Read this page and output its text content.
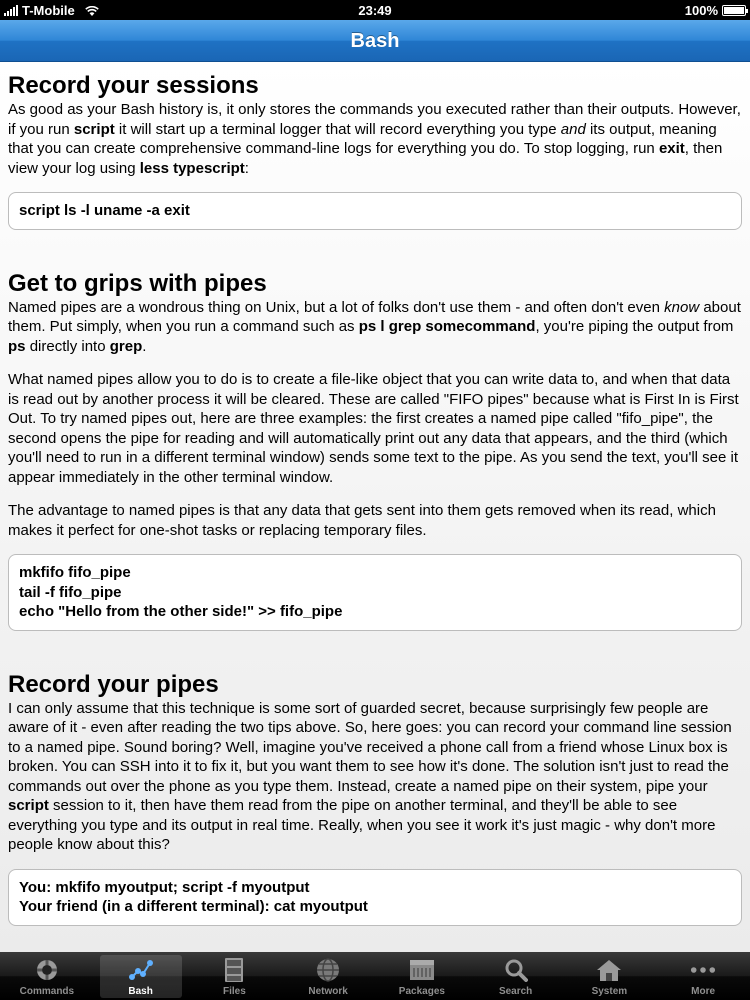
T-Mobile	23:49	100%
Bash
Record your sessions

As good as your Bash history is, it only stores the commands you executed rather than their outputs. However, if you run script it will start up a terminal logger that will record everything you type and its output, meaning that you can create comprehensive command-line logs for everything you do. To stop logging, run exit, then view your log using less typescript:

script ls -l uname -a exit
Get to grips with pipes

Named pipes are a wondrous thing on Unix, but a lot of folks don't use them - and often don't even know about them. Put simply, when you run a command such as ps l grep somecommand, you're piping the output from ps directly into grep.

What named pipes allow you to do is to create a file-like object that you can write data to, and when that data is read out by another process it will be cleared. These are called "FIFO pipes" because what is First In is First Out. To try named pipes out, here are three examples: the first creates a named pipe called "fifo_pipe", the second opens the pipe for reading and will automatically print out any data that appears, and the third (which you'll need to run in a different terminal window) sends some text to the pipe. As you send the text, you'll see it appear immediately in the other terminal window.

The advantage to named pipes is that any data that gets sent into them gets removed when its read, which makes it perfect for one-shot tasks or replacing temporary files.

mkfifo fifo_pipe
tail -f fifo_pipe
echo "Hello from the other side!" >> fifo_pipe
Record your pipes

I can only assume that this technique is some sort of guarded secret, because surprisingly few people are aware of it - even after reading the two tips above. So, here goes: you can record your command line session to a named pipe. Sound boring? Well, imagine you've received a phone call from a friend whose Linux box is broken. You can SSH into it to fix it, but you want them to see how it's done. The solution isn't just to read the commands out over the phone as you type them. Instead, create a named pipe on their system, pipe your script session to it, then have them read from the pipe on another terminal, and they'll be able to see everything you type and its output in real time. Really, when you see it work it's just magic - why don't more people know about this?

You: mkfifo myoutput; script -f myoutput
Your friend (in a different terminal): cat myoutput
Commands	Bash	Files	Network	Packages	Search	System	More
